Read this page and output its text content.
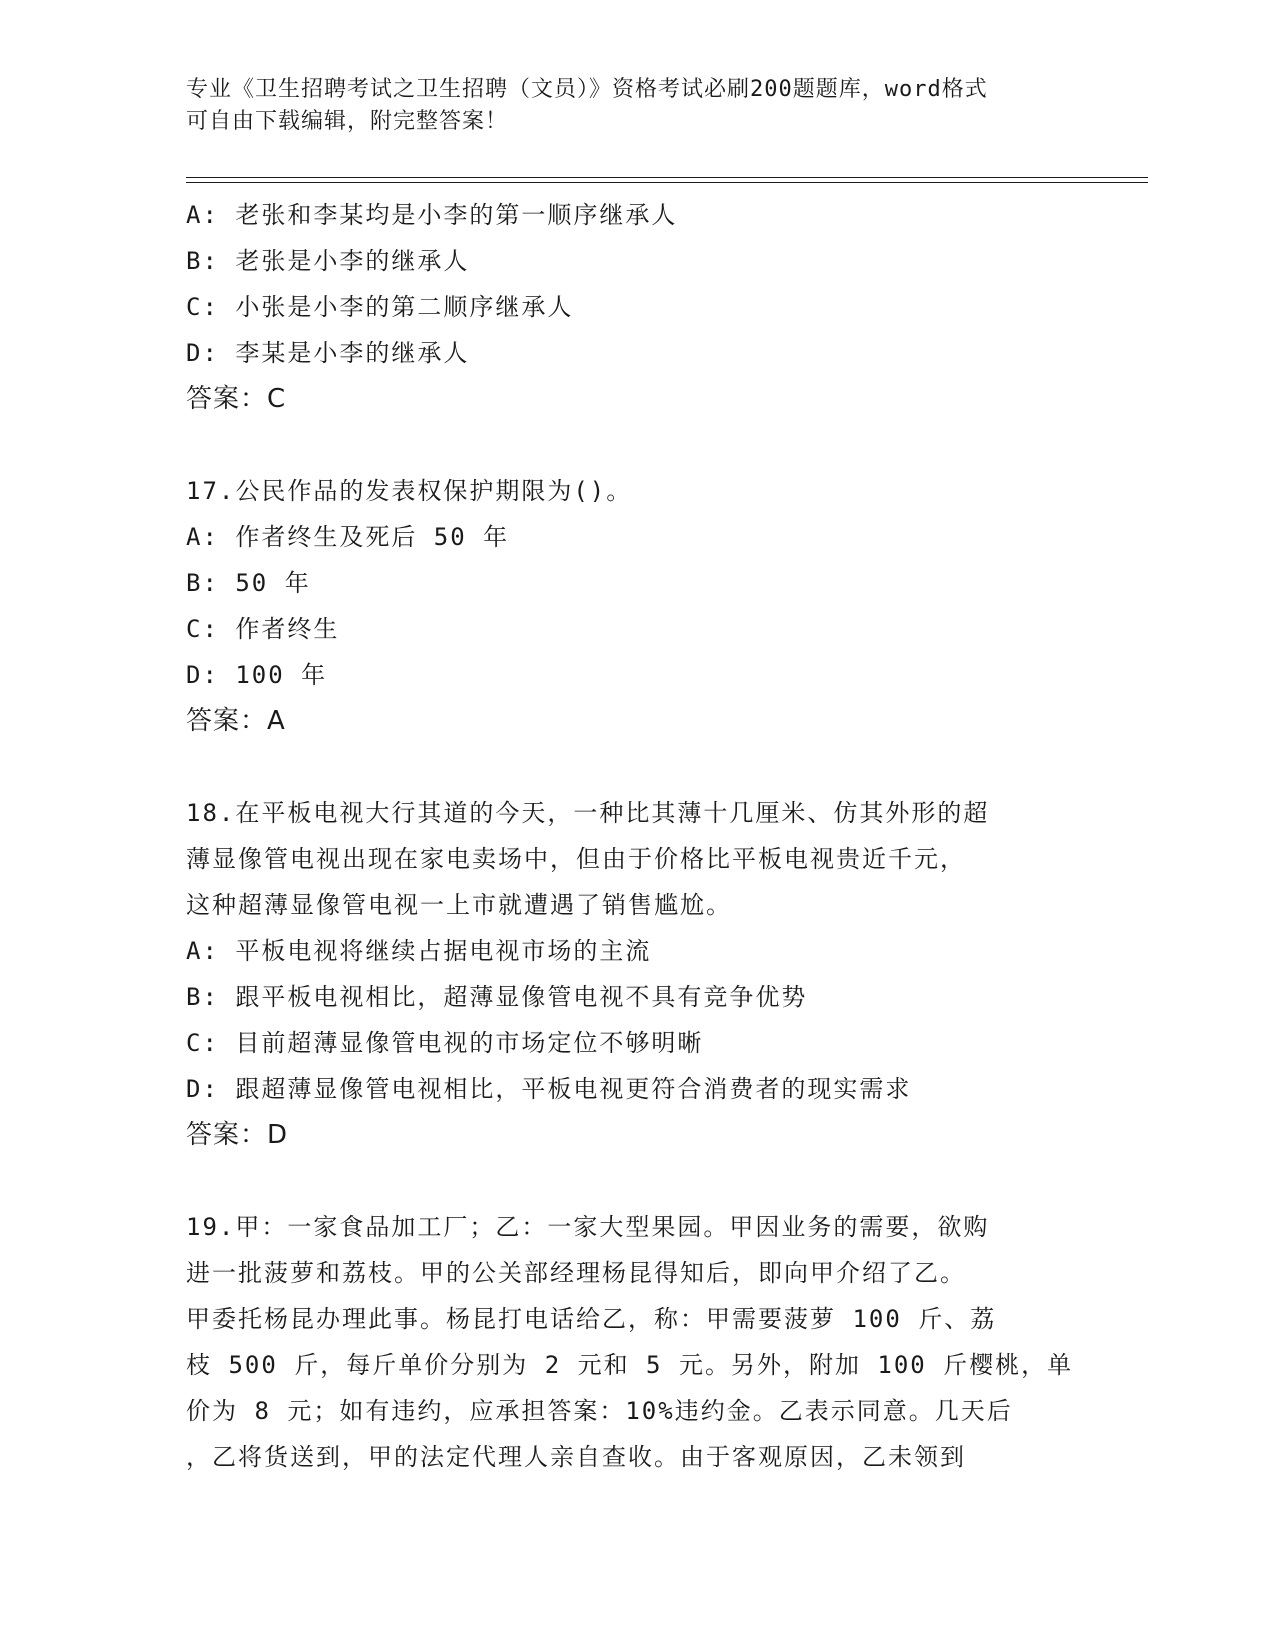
专业《卫生招聘考试之卫生招聘（文员）》资格考试必刷200题题库，word格式
可自由下载编辑，附完整答案！
A: 老张和李某均是小李的第一顺序继承人
B: 老张是小李的继承人
C: 小张是小李的第二顺序继承人
D: 李某是小李的继承人
答案：C
17.公民作品的发表权保护期限为()。
A: 作者终生及死后 50 年
B: 50 年
C: 作者终生
D: 100 年
答案：A
18.在平板电视大行其道的今天，一种比其薄十几厘米、仿其外形的超
薄显像管电视出现在家电卖场中，但由于价格比平板电视贵近千元，
这种超薄显像管电视一上市就遭遇了销售尴尬。
A: 平板电视将继续占据电视市场的主流
B: 跟平板电视相比，超薄显像管电视不具有竞争优势
C: 目前超薄显像管电视的市场定位不够明晰
D: 跟超薄显像管电视相比，平板电视更符合消费者的现实需求
答案：D
19.甲：一家食品加工厂；乙：一家大型果园。甲因业务的需要，欲购
进一批菠萝和荔枝。甲的公关部经理杨昆得知后，即向甲介绍了乙。
甲委托杨昆办理此事。杨昆打电话给乙，称：甲需要菠萝 100 斤、荔
枝 500 斤，每斤单价分别为 2 元和 5 元。另外，附加 100 斤樱桃，单
价为 8 元；如有违约，应承担答案：10%违约金。乙表示同意。几天后
，乙将货送到，甲的法定代理人亲自查收。由于客观原因，乙未领到
